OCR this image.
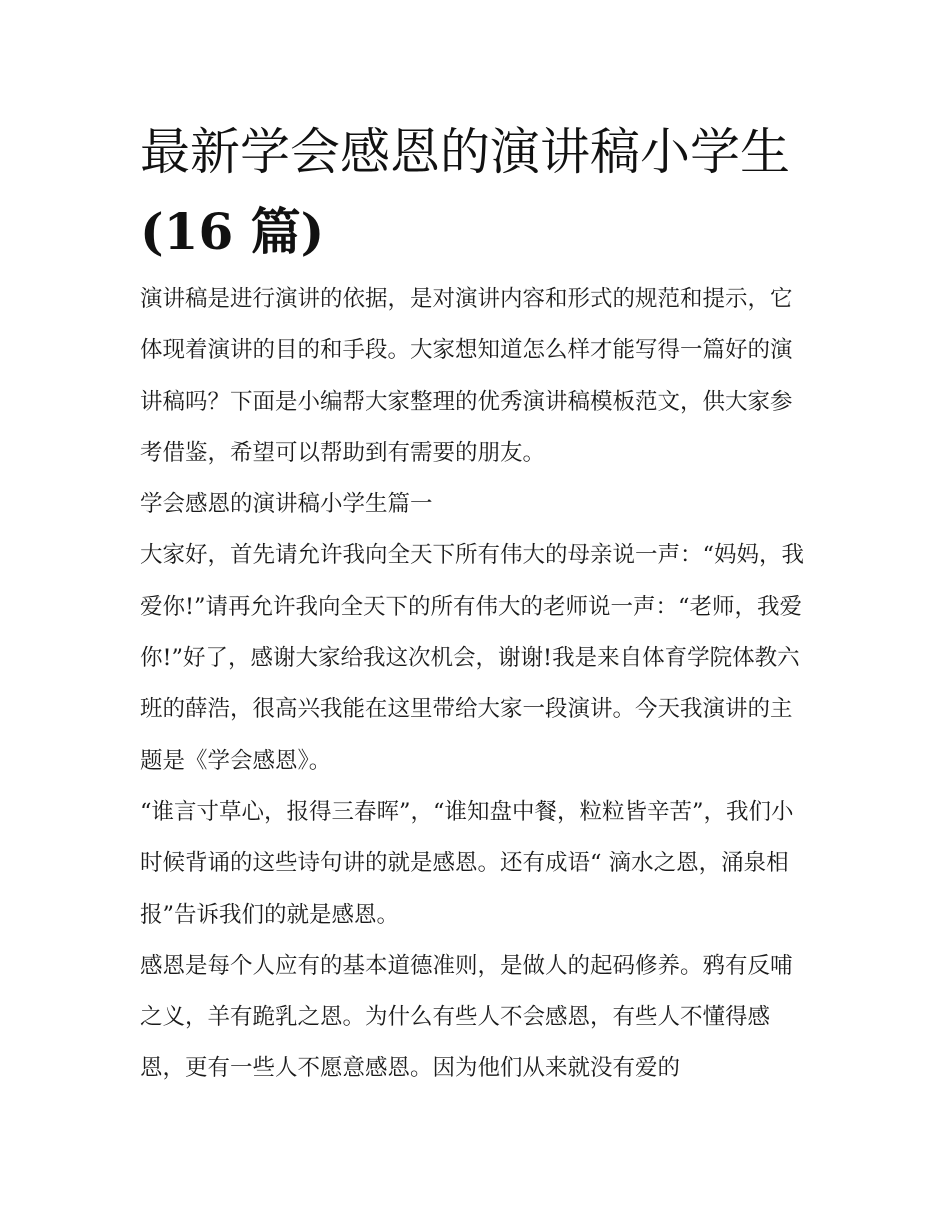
最新学会感恩的演讲稿小学生
(16 篇)

演讲稿是进行演讲的依据，是对演讲内容和形式的规范和提示，它体现着演讲的目的和手段。大家想知道怎么样才能写得一篇好的演讲稿吗？下面是小编帮大家整理的优秀演讲稿模板范文，供大家参考借鉴，希望可以帮助到有需要的朋友。

学会感恩的演讲稿小学生篇一

大家好，首先请允许我向全天下所有伟大的母亲说一声：“妈妈，我爱你!”请再允许我向全天下的所有伟大的老师说一声：“老师，我爱你!”好了，感谢大家给我这次机会，谢谢!我是来自体育学院体教六班的薛浩，很高兴我能在这里带给大家一段演讲。今天我演讲的主题是《学会感恩》。

“谁言寸草心，报得三春晖”，“谁知盘中餐，粒粒皆辛苦”，我们小时候背诵的这些诗句讲的就是感恩。还有成语“ 滴水之恩，涌泉相报”告诉我们的就是感恩。

感恩是每个人应有的基本道德准则，是做人的起码修养。鸦有反哺之义，羊有跪乳之恩。为什么有些人不会感恩，有些人不懂得感恩，更有一些人不愿意感恩。因为他们从来就没有爱的
